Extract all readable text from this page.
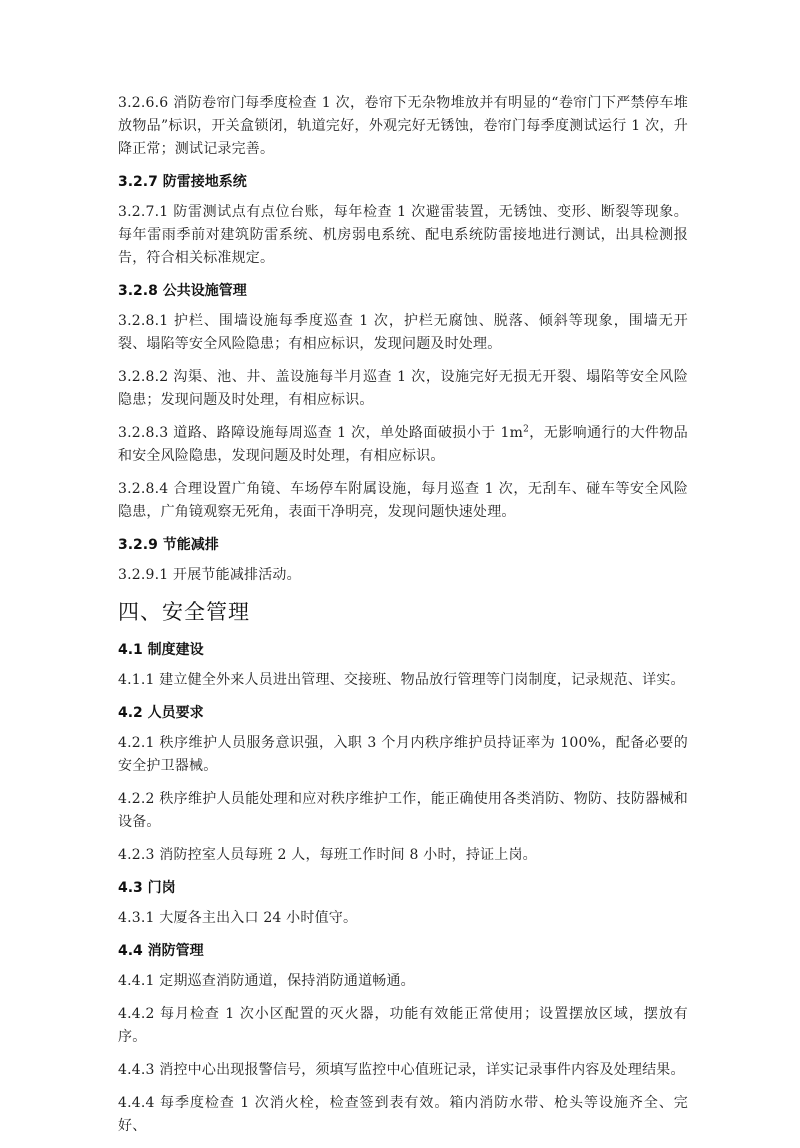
3.2.6.6 消防卷帘门每季度检查 1 次，卷帘下无杂物堆放并有明显的“卷帘门下严禁停车堆放物品”标识，开关盒锁闭，轨道完好，外观完好无锈蚀，卷帘门每季度测试运行 1 次，升降正常；测试记录完善。

3.2.7 防雷接地系统

3.2.7.1 防雷测试点有点位台账，每年检查 1 次避雷装置，无锈蚀、变形、断裂等现象。每年雷雨季前对建筑防雷系统、机房弱电系统、配电系统防雷接地进行测试，出具检测报告，符合相关标准规定。

3.2.8 公共设施管理

3.2.8.1 护栏、围墙设施每季度巡查 1 次，护栏无腐蚀、脱落、倾斜等现象，围墙无开裂、塌陷等安全风险隐患；有相应标识，发现问题及时处理。

3.2.8.2 沟渠、池、井、盖设施每半月巡查 1 次，设施完好无损无开裂、塌陷等安全风险隐患；发现问题及时处理，有相应标识。

3.2.8.3 道路、路障设施每周巡查 1 次，单处路面破损小于 $1m^2$，无影响通行的大件物品和安全风险隐患，发现问题及时处理，有相应标识。

3.2.8.4 合理设置广角镜、车场停车附属设施，每月巡查 1 次，无刮车、碰车等安全风险隐患，广角镜观察无死角，表面干净明亮，发现问题快速处理。

3.2.9 节能减排

3.2.9.1 开展节能减排活动。

四、安全管理
4.1 制度建设

4.1.1 建立健全外来人员进出管理、交接班、物品放行管理等门岗制度，记录规范、详实。

4.2 人员要求

4.2.1 秩序维护人员服务意识强，入职 3 个月内秩序维护员持证率为 100%，配备必要的安全护卫器械。

4.2.2 秩序维护人员能处理和应对秩序维护工作，能正确使用各类消防、物防、技防器械和设备。

4.2.3 消防控室人员每班 2 人，每班工作时间 8 小时，持证上岗。

4.3 门岗

4.3.1 大厦各主出入口 24 小时值守。

4.4 消防管理

4.4.1 定期巡查消防通道，保持消防通道畅通。

4.4.2 每月检查 1 次小区配置的灭火器，功能有效能正常使用；设置摆放区域，摆放有序。

4.4.3 消控中心出现报警信号，须填写监控中心值班记录，详实记录事件内容及处理结果。

4.4.4 每季度检查 1 次消火栓，检查签到表有效。箱内消防水带、枪头等设施齐全、完好、
